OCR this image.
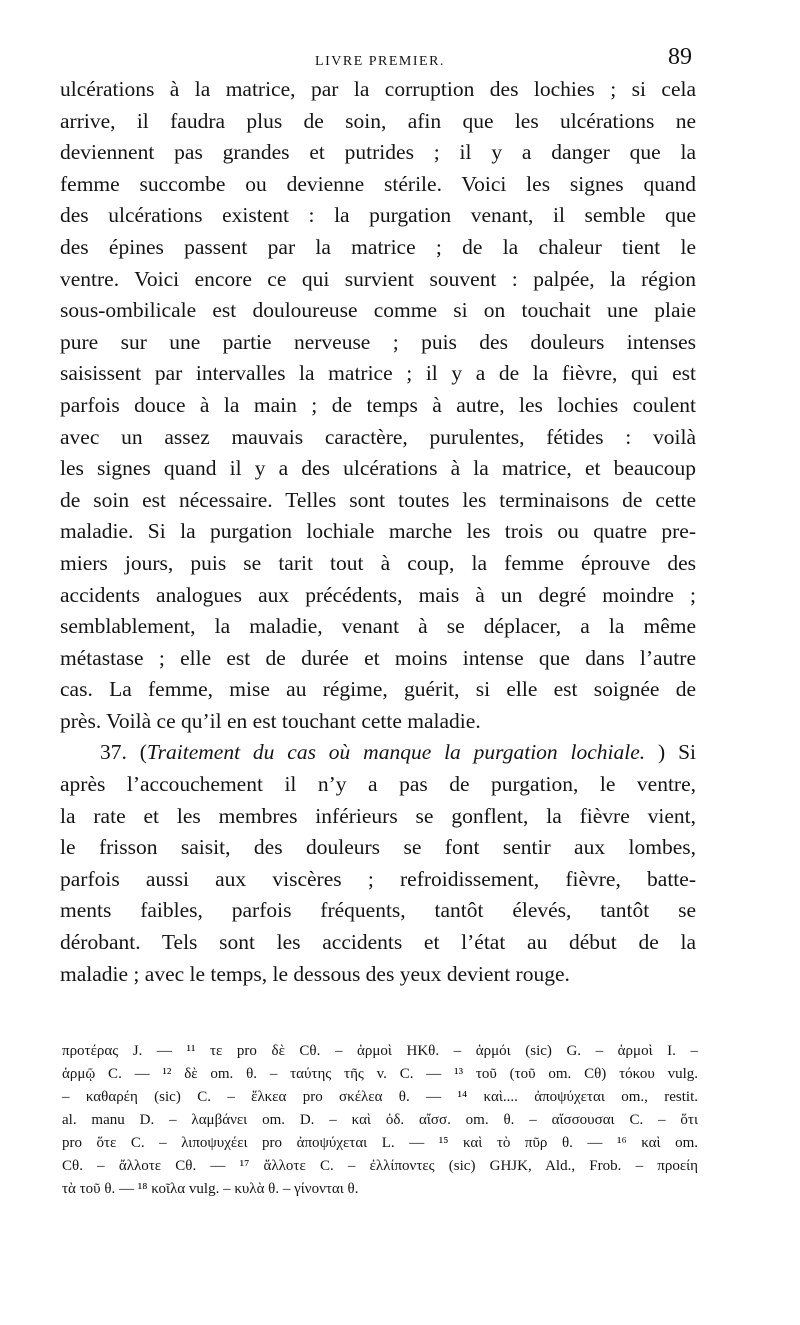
LIVRE PREMIER.	89
ulcérations à la matrice, par la corruption des lochies ; si cela
arrive, il faudra plus de soin, afin que les ulcérations ne
deviennent pas grandes et putrides ; il y a danger que la
femme succombe ou devienne stérile. Voici les signes quand
des ulcérations existent : la purgation venant, il semble que
des épines passent par la matrice ; de la chaleur tient le
ventre. Voici encore ce qui survient souvent : palpée, la région
sous-ombilicale est douloureuse comme si on touchait une plaie
pure sur une partie nerveuse ; puis des douleurs intenses
saisissent par intervalles la matrice ; il y a de la fièvre, qui est
parfois douce à la main ; de temps à autre, les lochies coulent
avec un assez mauvais caractère, purulentes, fétides : voilà
les signes quand il y a des ulcérations à la matrice, et beaucoup
de soin est nécessaire. Telles sont toutes les terminaisons de cette
maladie. Si la purgation lochiale marche les trois ou quatre pre-
miers jours, puis se tarit tout à coup, la femme éprouve des
accidents analogues aux précédents, mais à un degré moindre ;
semblablement, la maladie, venant à se déplacer, a la même
métastase ; elle est de durée et moins intense que dans l’autre
cas. La femme, mise au régime, guérit, si elle est soignée de
près. Voilà ce qu’il en est touchant cette maladie.
37. (Traitement du cas où manque la purgation lochiale. ) Si
après l’accouchement il n’y a pas de purgation, le ventre,
la rate et les membres inférieurs se gonflent, la fièvre vient,
le frisson saisit, des douleurs se font sentir aux lombes,
parfois aussi aux viscères ; refroidissement, fièvre, batte-
ments faibles, parfois fréquents, tantôt élevés, tantôt se
dérobant. Tels sont les accidents et l’état au début de la
maladie ; avec le temps, le dessous des yeux devient rouge.
προτέρας J. — ¹¹ τε pro δὲ Cθ. – ἁρμοὶ HKθ. – ἁρμόι (sic) G. – ἁρμοὶ I. –
ἁρμῷ C. — ¹² δὲ om. θ. – ταύτης τῆς v. C. — ¹³ τοῦ (τοῦ om. Cθ) τόκου vulg.
– καθαρέη (sic) C. – ἕλκεα pro σκέλεα θ. — ¹⁴ καὶ.... ἀποψύχεται om., restit.
al. manu D. – λαμβάνει om. D. – καὶ ὀδ. αἴσσ. om. θ. – αἴσσουσαι C. – ὅτι
pro ὅτε C. – λιποψυχέει pro ἀποψύχεται L. — ¹⁵ καὶ τὸ πῦρ θ. — ¹⁶ καὶ om.
Cθ. – ἄλλοτε Cθ. — ¹⁷ ἄλλοτε C. – ἐλλίποντες (sic) GHJK, Ald., Frob. – προείη
τὰ τοῦ θ. — ¹⁸ κοῖλα vulg. – κυλὰ θ. – γίνονται θ.
